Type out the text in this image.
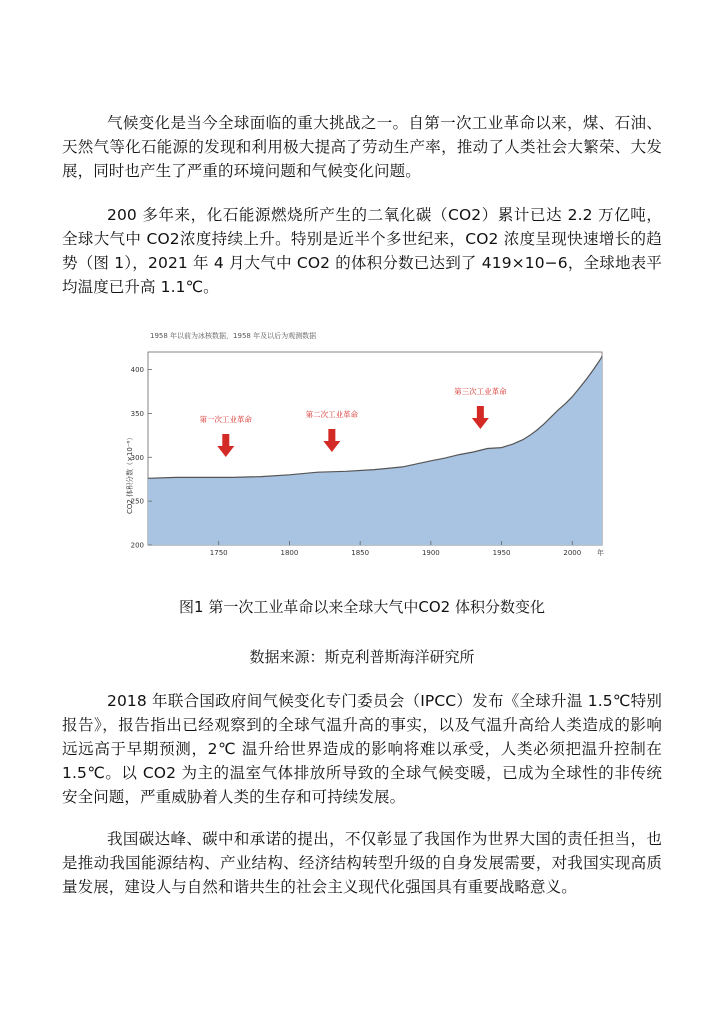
气候变化是当今全球面临的重大挑战之一。自第一次工业革命以来，煤、石油、天然气等化石能源的发现和利用极大提高了劳动生产率，推动了人类社会大繁荣、大发展，同时也产生了严重的环境问题和气候变化问题。

200 多年来，化石能源燃烧所产生的二氧化碳（CO2）累计已达 2.2 万亿吨，全球大气中 CO2浓度持续上升。特别是近半个多世纪来，CO2 浓度呈现快速增长的趋势（图 1），2021 年 4 月大气中 CO2 的体积分数已达到了 419×10−6，全球地表平均温度已升高 1.1℃。

1958 年以前为冰核数据，1958 年及以后为观测数据
200
250
300
350
400
1750	1800	1850	1900	1950	2000 年
CO2 体积分数（×10⁻⁶）
第一次工业革命
第二次工业革命
第三次工业革命

图1 第一次工业革命以来全球大气中CO2 体积分数变化

数据来源：斯克利普斯海洋研究所

2018 年联合国政府间气候变化专门委员会（IPCC）发布《全球升温 1.5℃特别报告》，报告指出已经观察到的全球气温升高的事实，以及气温升高给人类造成的影响远远高于早期预测，2℃ 温升给世界造成的影响将难以承受，人类必须把温升控制在 1.5℃。以 CO2 为主的温室气体排放所导致的全球气候变暖，已成为全球性的非传统安全问题，严重威胁着人类的生存和可持续发展。

我国碳达峰、碳中和承诺的提出，不仅彰显了我国作为世界大国的责任担当，也是推动我国能源结构、产业结构、经济结构转型升级的自身发展需要，对我国实现高质量发展，建设人与自然和谐共生的社会主义现代化强国具有重要战略意义。
